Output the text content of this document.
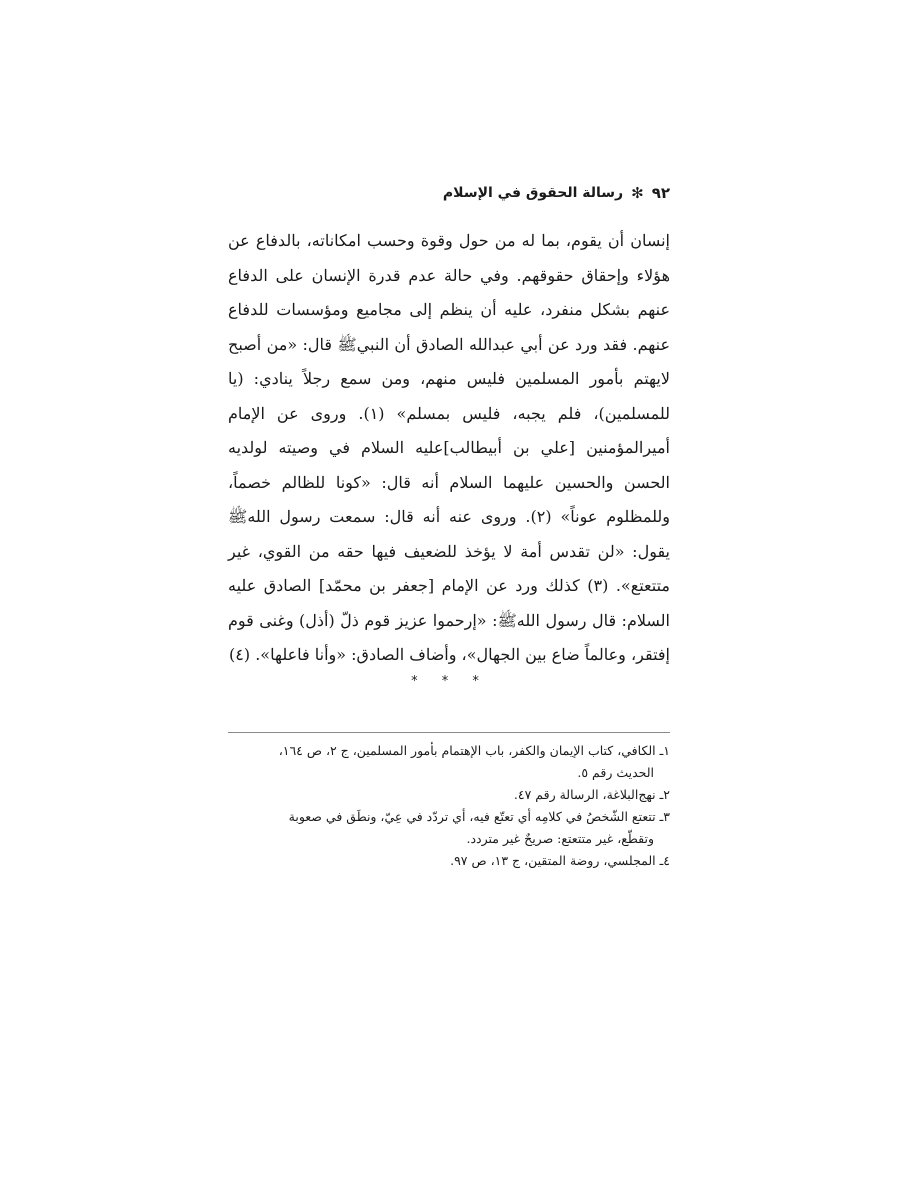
٩٢
✻
رسالة الحقوق في الإسلام

إنسان أن يقوم، بما له من حول وقوة وحسب امكاناته، بالدفاع عن هؤلاء وإحقاق حقوقهم. وفي حالة عدم قدرة الإنسان على الدفاع عنهم بشكل منفرد، عليه أن ينظم إلى مجاميع ومؤسسات للدفاع عنهم. فقد ورد عن أبي عبدالله الصادق أن النبيﷺ قال: «من أصبح لايهتم بأمور المسلمين فليس منهم، ومن سمع رجلاً ينادي: (يا للمسلمين)، فلم يجبه، فليس بمسلم» (١). وروى عن الإمام أميرالمؤمنين [علي بن أبيطالب]عليه السلام في وصيته لولديه الحسن والحسين عليهما السلام أنه قال: «كونا للظالم خصماً، وللمظلوم عوناً» (٢). وروى عنه أنه قال: سمعت رسول اللهﷺ يقول: «لن تقدس أمة لا يؤخذ للضعيف فيها حقه من القوي، غير متتعتع». (٣) كذلك ورد عن الإمام [جعفر بن محمّد] الصادق عليه السلام: قال رسول اللهﷺ: «إرحموا عزيز قوم ذلّ (أذل) وغنى قوم إفتقر، وعالماً ضاع بين الجهال»، وأضاف الصادق: «وأنا فاعلها». (٤)

* * *

١ـ الكافي، كتاب الإيمان والكفر، باب الإهتمام بأمور المسلمين، ج ٢، ص ١٦٤،
الحديث رقم ٥.

٢ـ نهج‌البلاغة، الرسالة رقم ٤٧.

٣ـ تتعتع الشّخصُ في كلامِه أي تعتّع فيه، أي تردّد في عِيّ، ونطَق في صعوبة
وتقطّع، غير متتعتع: صريحٌ غير متردد.

٤ـ المجلسي، روضة المتقين، ج ١٣، ص ٩٧.
